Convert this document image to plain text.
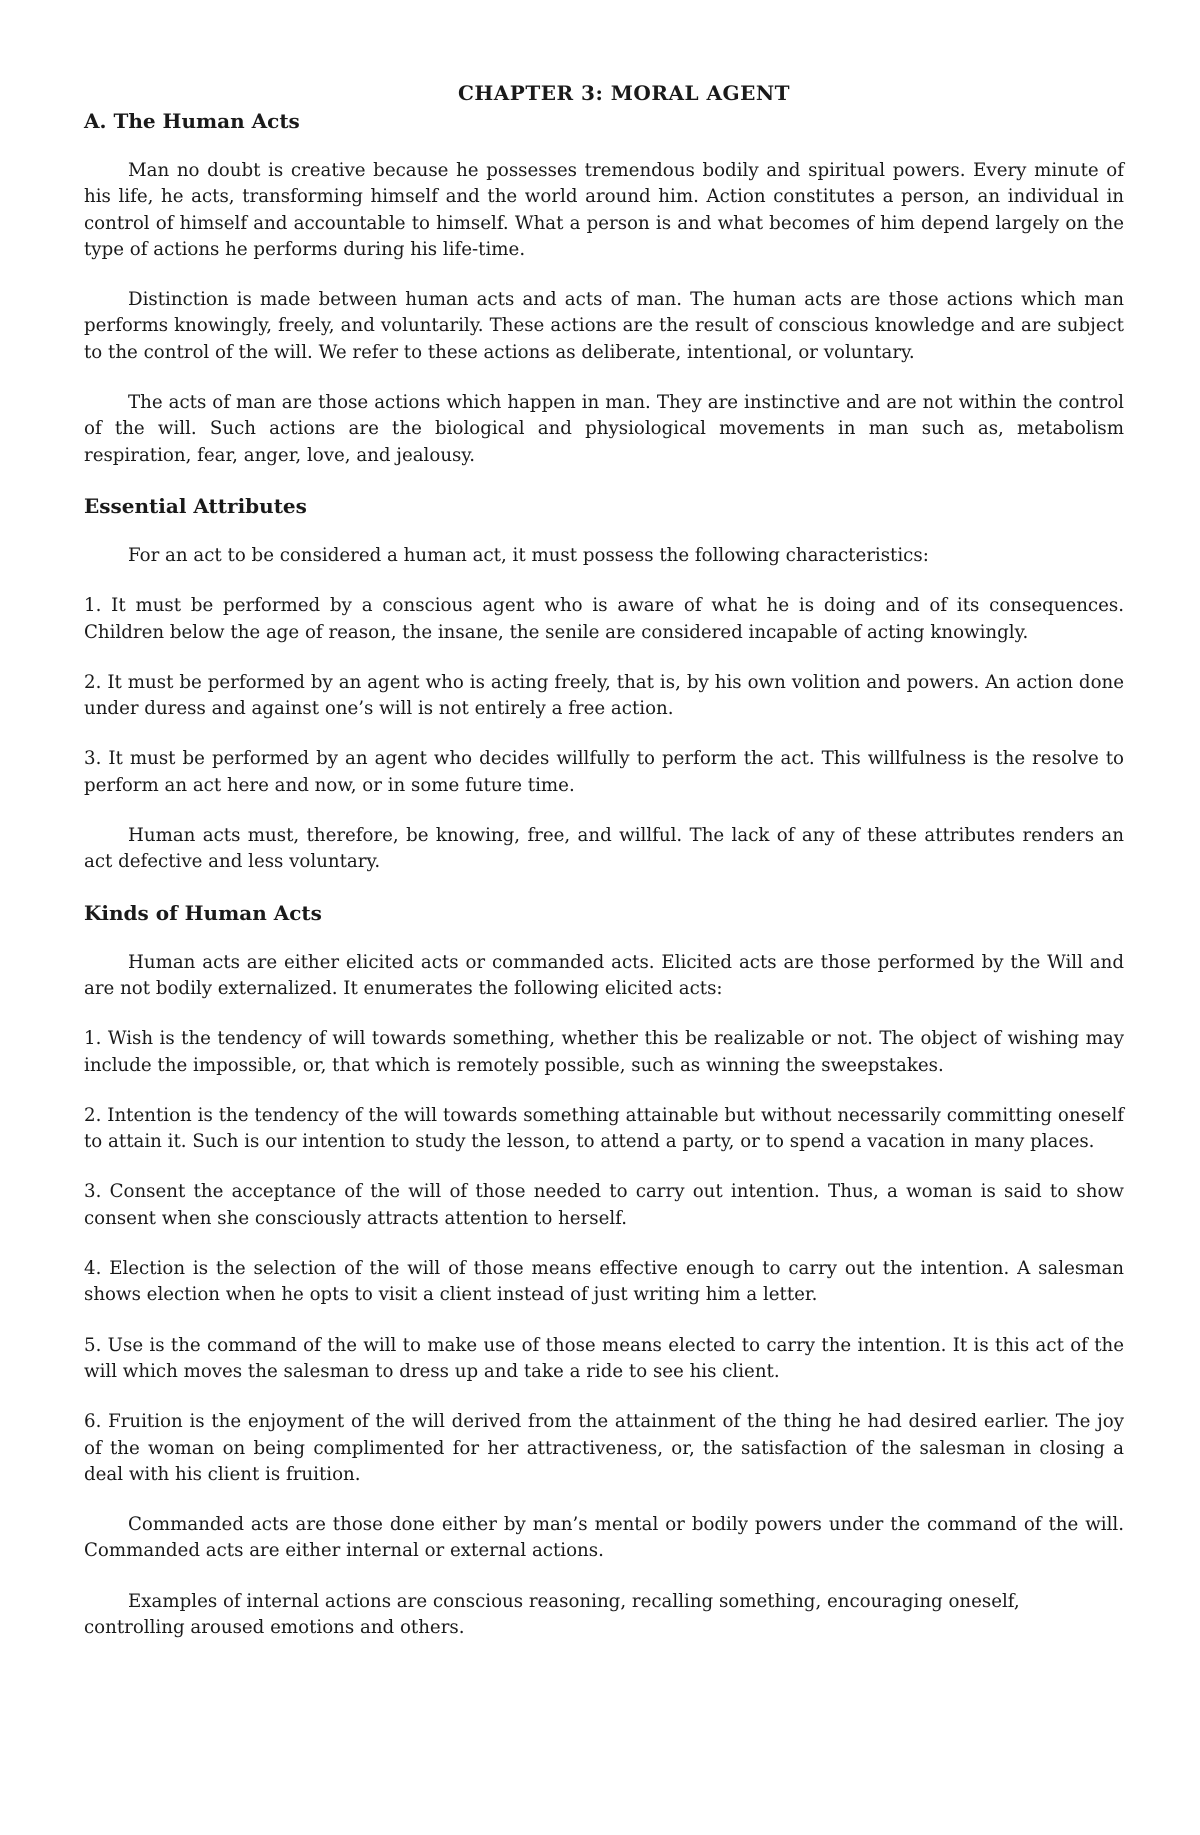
CHAPTER 3: MORAL AGENT
A. The Human Acts

Man no doubt is creative because he possesses tremendous bodily and spiritual powers. Every minute of his life, he acts, transforming himself and the world around him. Action constitutes a person, an individual in control of himself and accountable to himself. What a person is and what becomes of him depend largely on the type of actions he performs during his life-time.

Distinction is made between human acts and acts of man. The human acts are those actions which man performs knowingly, freely, and voluntarily. These actions are the result of conscious knowledge and are subject to the control of the will. We refer to these actions as deliberate, intentional, or voluntary.

The acts of man are those actions which happen in man. They are instinctive and are not within the control of the will. Such actions are the biological and physiological movements in man such as, metabolism respiration, fear, anger, love, and jealousy.

Essential Attributes

For an act to be considered a human act, it must possess the following characteristics:

1. It must be performed by a conscious agent who is aware of what he is doing and of its consequences. Children below the age of reason, the insane, the senile are considered incapable of acting knowingly.

2. It must be performed by an agent who is acting freely, that is, by his own volition and powers. An action done under duress and against one’s will is not entirely a free action.

3. It must be performed by an agent who decides willfully to perform the act. This willfulness is the resolve to perform an act here and now, or in some future time.

Human acts must, therefore, be knowing, free, and willful. The lack of any of these attributes renders an act defective and less voluntary.

Kinds of Human Acts

Human acts are either elicited acts or commanded acts. Elicited acts are those performed by the Will and are not bodily externalized. It enumerates the following elicited acts:

1. Wish is the tendency of will towards something, whether this be realizable or not. The object of wishing may include the impossible, or, that which is remotely possible, such as winning the sweepstakes.

2. Intention is the tendency of the will towards something attainable but without necessarily committing oneself to attain it. Such is our intention to study the lesson, to attend a party, or to spend a vacation in many places.

3. Consent the acceptance of the will of those needed to carry out intention. Thus, a woman is said to show consent when she consciously attracts attention to herself.

4. Election is the selection of the will of those means effective enough to carry out the intention. A salesman shows election when he opts to visit a client instead of just writing him a letter.

5. Use is the command of the will to make use of those means elected to carry the intention. It is this act of the will which moves the salesman to dress up and take a ride to see his client.

6. Fruition is the enjoyment of the will derived from the attainment of the thing he had desired earlier. The joy of the woman on being complimented for her attractiveness, or, the satisfaction of the salesman in closing a deal with his client is fruition.

Commanded acts are those done either by man’s mental or bodily powers under the command of the will. Commanded acts are either internal or external actions.

Examples of internal actions are conscious reasoning, recalling something, encouraging oneself, controlling aroused emotions and others.
